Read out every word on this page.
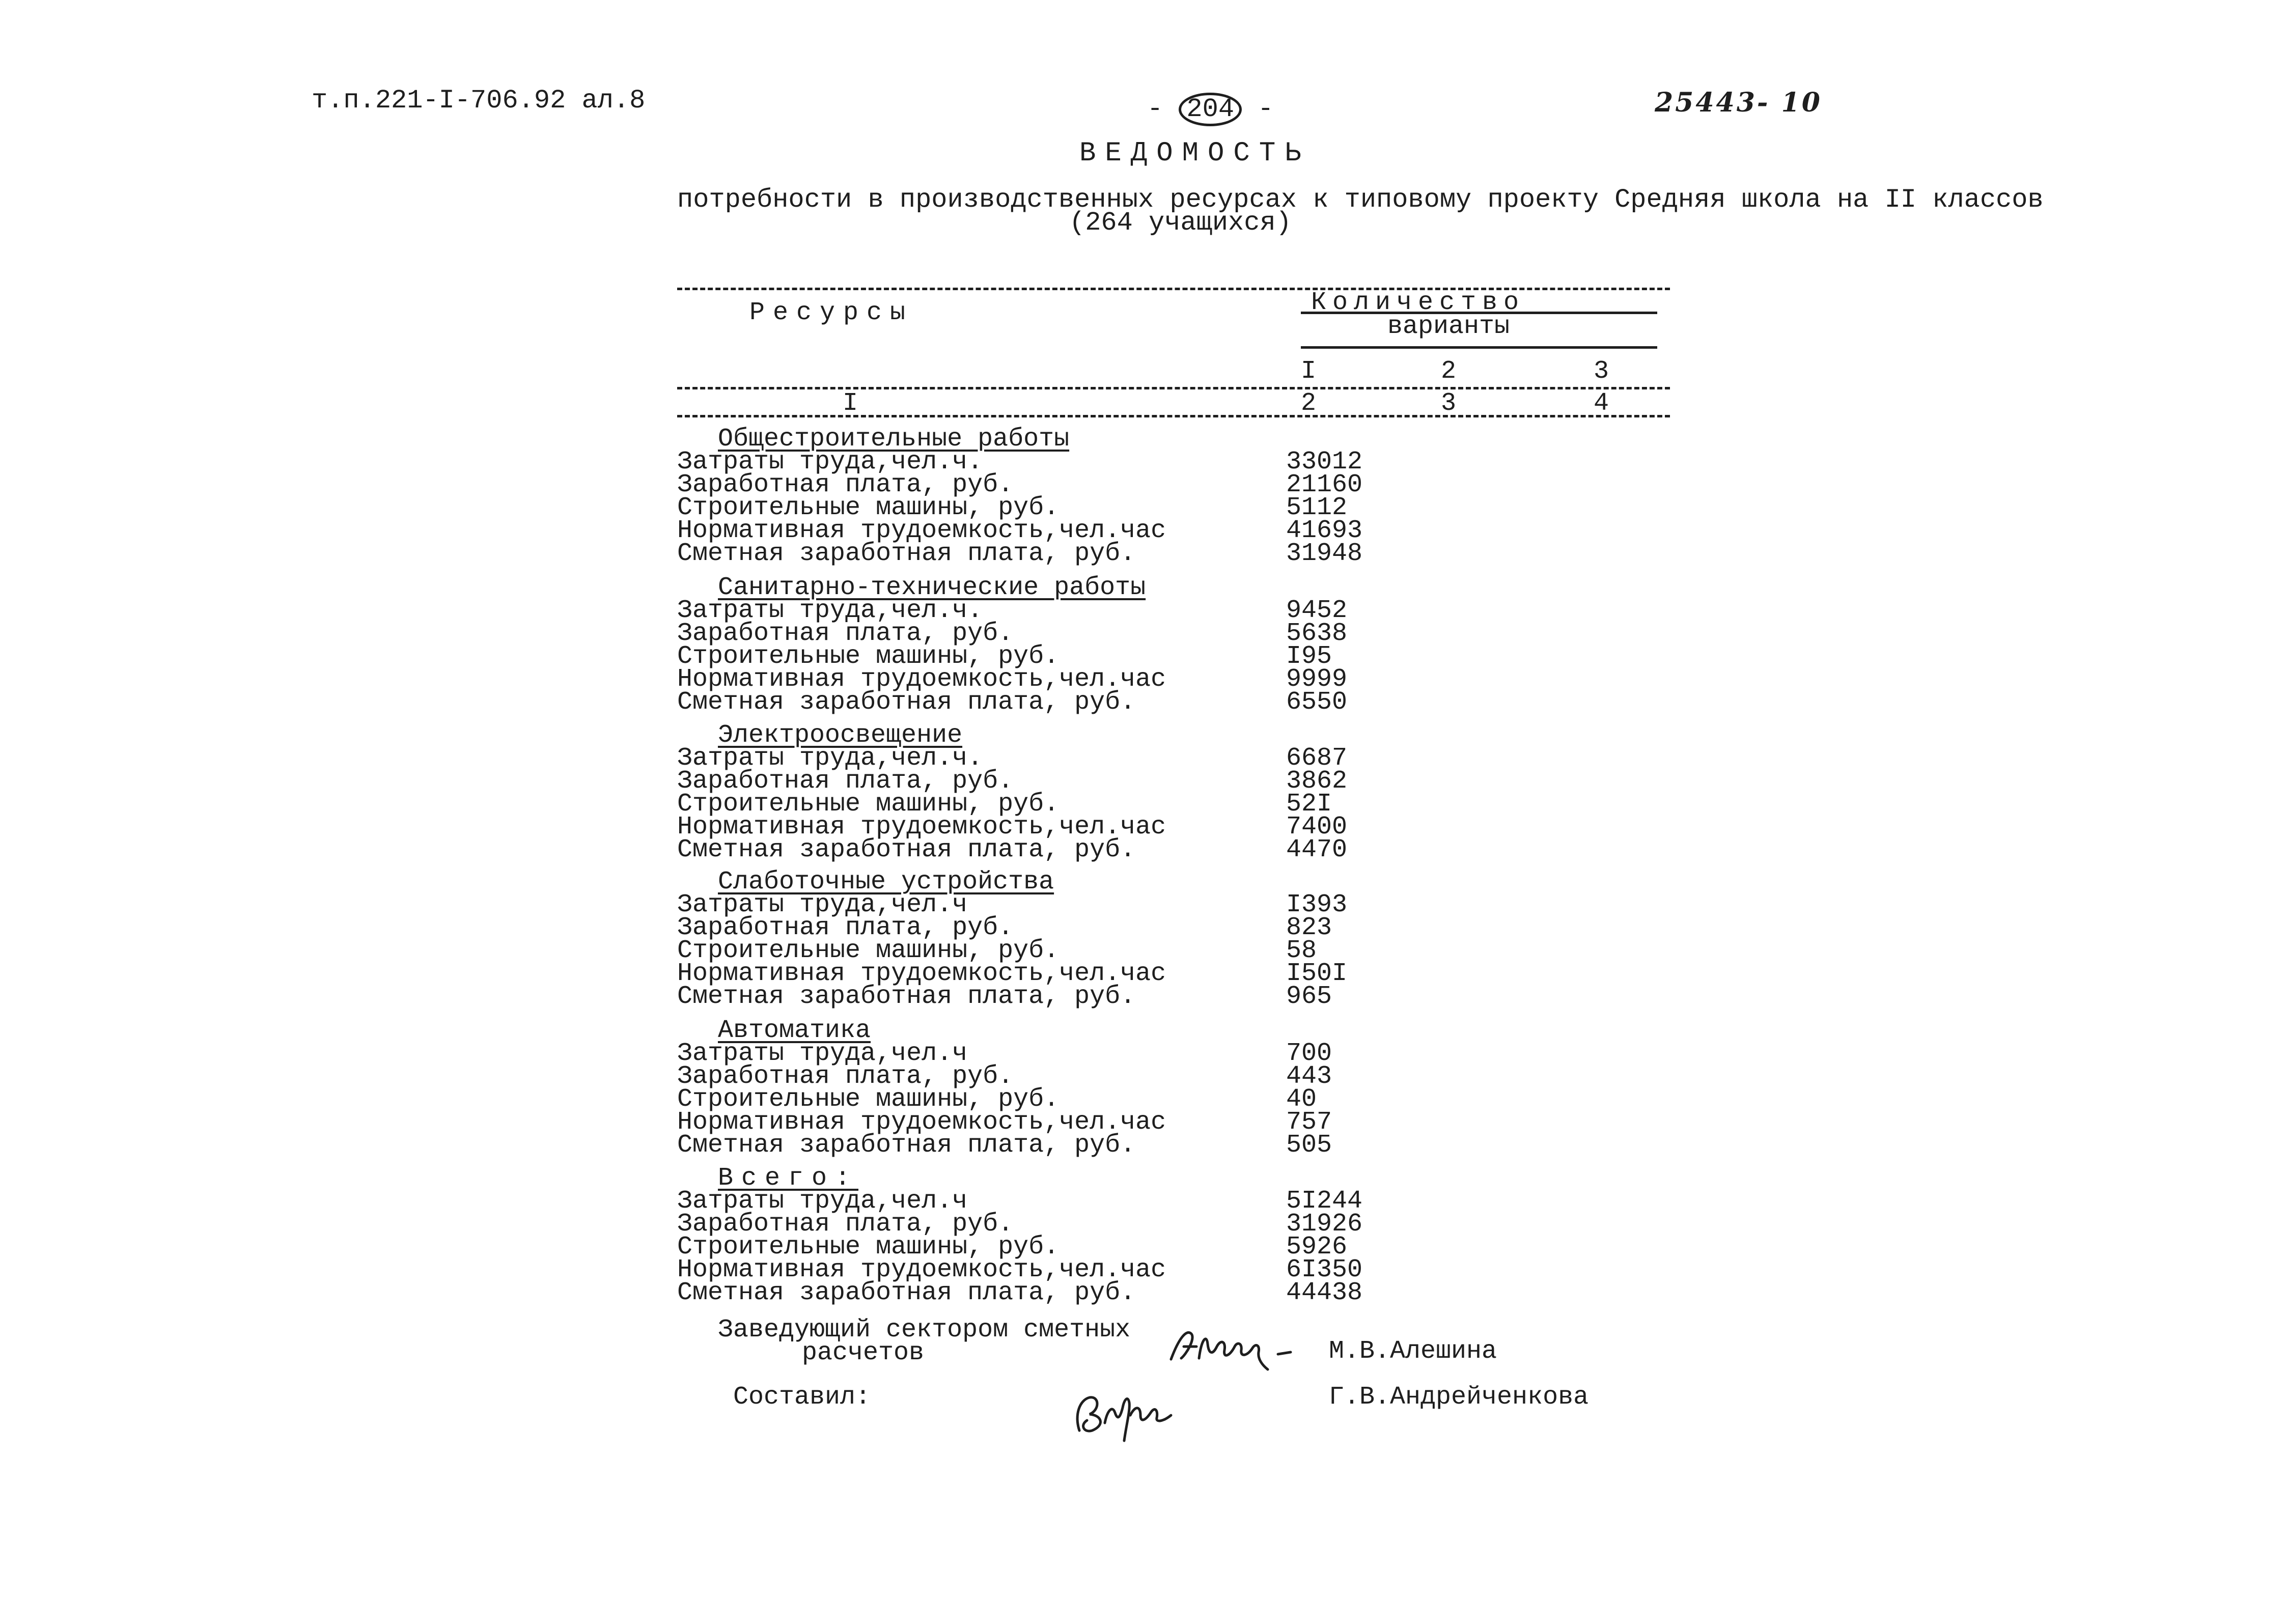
т.п.221-I-706.92 ал.8	- 204 -	25443- 10
ВЕДОМОСТЬ
потребности в производственных ресурсах к типовому проекту Средняя школа на II классов
(264 учащихся)
Ресурсы	Количество
варианты
I	2	3
I	2	3	4
Общестроительные работы
Затраты труда,чел.ч.	33012
Заработная плата, руб.	21160
Строительные машины, руб.	5112
Нормативная трудоемкость,чел.час	41693
Сметная заработная плата, руб.	31948
Санитарно-технические работы
Затраты труда,чел.ч.	9452
Заработная плата, руб.	5638
Строительные машины, руб.	I95
Нормативная трудоемкость,чел.час	9999
Сметная заработная плата, руб.	6550
Электроосвещение
Затраты труда,чел.ч.	6687
Заработная плата, руб.	3862
Строительные машины, руб.	52I
Нормативная трудоемкость,чел.час	7400
Сметная заработная плата, руб.	4470
Слаботочные устройства
Затраты труда,чел.ч	I393
Заработная плата, руб.	823
Строительные машины, руб.	58
Нормативная трудоемкость,чел.час	I50I
Сметная заработная плата, руб.	965
Автоматика
Затраты труда,чел.ч	700
Заработная плата, руб.	443
Строительные машины, руб.	40
Нормативная трудоемкость,чел.час	757
Сметная заработная плата, руб.	505
Всего:
Затраты труда,чел.ч	5I244
Заработная плата, руб.	31926
Строительные машины, руб.	5926
Нормативная трудоемкость,чел.час	6I350
Сметная заработная плата, руб.	44438
Заведующий сектором сметных
расчетов	М.В.Алешина
Составил:	Г.В.Андрейченкова
